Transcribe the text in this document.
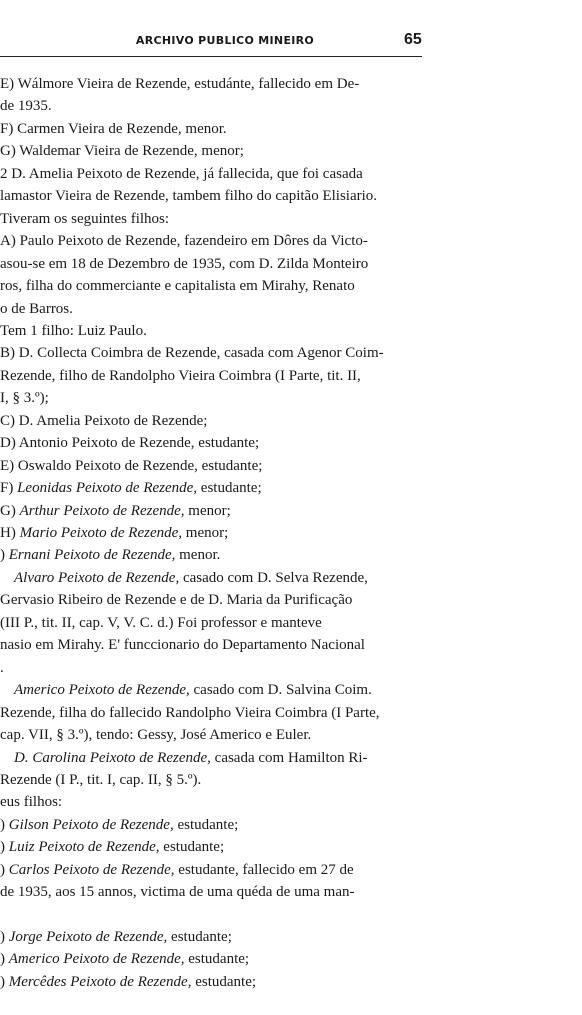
ARCHIVO PUBLICO MINEIRO	65
E) Wálmore Vieira de Rezende, estudánte, fallecido em De-
de 1935.
F) Carmen Vieira de Rezende, menor.
G) Waldemar Vieira de Rezende, menor;
2 D. Amelia Peixoto de Rezende, já fallecida, que foi casada
lamastor Vieira de Rezende, tambem filho do capitão Elisiario.
Tiveram os seguintes filhos:
A) Paulo Peixoto de Rezende, fazendeiro em Dôres da Victo-
asou-se em 18 de Dezembro de 1935, com D. Zilda Monteiro
ros, filha do commerciante e capitalista em Mirahy, Renato
o de Barros.
Tem 1 filho: Luiz Paulo.
B) D. Collecta Coimbra de Rezende, casada com Agenor Coim-
Rezende, filho de Randolpho Vieira Coimbra (I Parte, tit. II,
I, § 3.º);
C) D. Amelia Peixoto de Rezende;
D) Antonio Peixoto de Rezende, estudante;
E) Oswaldo Peixoto de Rezende, estudante;
F) Leonidas Peixoto de Rezende, estudante;
G) Arthur Peixoto de Rezende, menor;
H) Mario Peixoto de Rezende, menor;
) Ernani Peixoto de Rezende, menor.
Alvaro Peixoto de Rezende, casado com D. Selva Rezende,
Gervasio Ribeiro de Rezende e de D. Maria da Purificação
(III P., tit. II, cap. V, V. C. d.) Foi professor e manteve
nasio em Mirahy. E' funccionario do Departamento Nacional
.
Americo Peixoto de Rezende, casado com D. Salvina Coim.
Rezende, filha do fallecido Randolpho Vieira Coimbra (I Parte,
cap. VII, § 3.º), tendo: Gessy, José Americo e Euler.
D. Carolina Peixoto de Rezende, casada com Hamilton Ri-
Rezende (I P., tit. I, cap. II, § 5.º).
eus filhos:
) Gilson Peixoto de Rezende, estudante;
) Luiz Peixoto de Rezende, estudante;
) Carlos Peixoto de Rezende, estudante, fallecido em 27 de
de 1935, aos 15 annos, victima de uma quéda de uma man-
) Jorge Peixoto de Rezende, estudante;
) Americo Peixoto de Rezende, estudante;
) Mercêdes Peixoto de Rezende, estudante;
